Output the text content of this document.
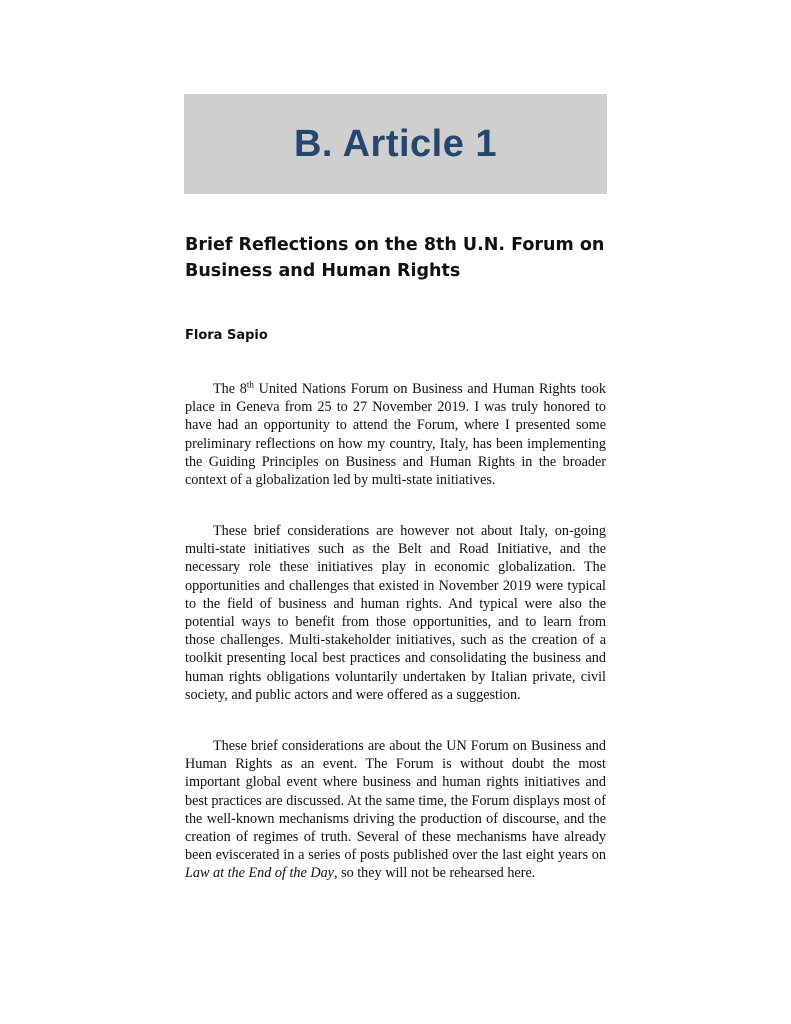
B. Article 1
Brief Reflections on the 8th U.N. Forum on Business and Human Rights

Flora Sapio

The 8th United Nations Forum on Business and Human Rights took place in Geneva from 25 to 27 November 2019. I was truly honored to have had an opportunity to attend the Forum, where I presented some preliminary reflections on how my country, Italy, has been implementing the Guiding Principles on Business and Human Rights in the broader context of a globalization led by multi-state initiatives.

These brief considerations are however not about Italy, on-going multi-state initiatives such as the Belt and Road Initiative, and the necessary role these initiatives play in economic globalization. The opportunities and challenges that existed in November 2019 were typical to the field of business and human rights. And typical were also the potential ways to benefit from those opportunities, and to learn from those challenges. Multi-stakeholder initiatives, such as the creation of a toolkit presenting local best practices and consolidating the business and human rights obligations voluntarily undertaken by Italian private, civil society, and public actors and were offered as a suggestion.

These brief considerations are about the UN Forum on Business and Human Rights as an event. The Forum is without doubt the most important global event where business and human rights initiatives and best practices are discussed. At the same time, the Forum displays most of the well-known mechanisms driving the production of discourse, and the creation of regimes of truth. Several of these mechanisms have already been eviscerated in a series of posts published over the last eight years on Law at the End of the Day, so they will not be rehearsed here.
